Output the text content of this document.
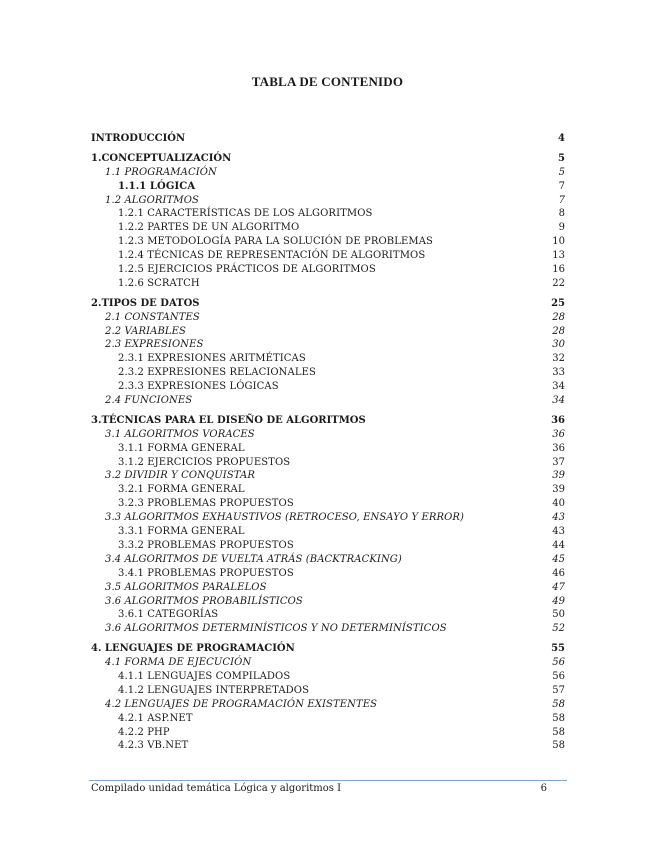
TABLA DE CONTENIDO
INTRODUCCIÓN	4
1.CONCEPTUALIZACIÓN	5
1.1 PROGRAMACIÓN	5
1.1.1 LÓGICA	7
1.2 ALGORITMOS	7
1.2.1 CARACTERÍSTICAS DE LOS ALGORITMOS	8
1.2.2 PARTES DE UN ALGORITMO	9
1.2.3 METODOLOGÍA PARA LA SOLUCIÓN DE PROBLEMAS	10
1.2.4 TÉCNICAS DE REPRESENTACIÓN DE ALGORITMOS	13
1.2.5 EJERCICIOS PRÁCTICOS DE ALGORITMOS	16
1.2.6 SCRATCH	22
2.TIPOS DE DATOS	25
2.1 CONSTANTES	28
2.2 VARIABLES	28
2.3 EXPRESIONES	30
2.3.1 EXPRESIONES ARITMÉTICAS	32
2.3.2 EXPRESIONES RELACIONALES	33
2.3.3 EXPRESIONES LÓGICAS	34
2.4 FUNCIONES	34
3.TÉCNICAS PARA EL DISEÑO DE ALGORITMOS	36
3.1 ALGORITMOS VORACES	36
3.1.1 FORMA GENERAL	36
3.1.2 EJERCICIOS PROPUESTOS	37
3.2 DIVIDIR Y CONQUISTAR	39
3.2.1 FORMA GENERAL	39
3.2.3 PROBLEMAS PROPUESTOS	40
3.3 ALGORITMOS EXHAUSTIVOS (RETROCESO, ENSAYO Y ERROR)	43
3.3.1 FORMA GENERAL	43
3.3.2 PROBLEMAS PROPUESTOS	44
3.4 ALGORITMOS DE VUELTA ATRÁS (BACKTRACKING)	45
3.4.1 PROBLEMAS PROPUESTOS	46
3.5 ALGORITMOS PARALELOS	47
3.6 ALGORITMOS PROBABILÍSTICOS	49
3.6.1 CATEGORÍAS	50
3.6 ALGORITMOS DETERMINÍSTICOS Y NO DETERMINÍSTICOS	52
4. LENGUAJES DE PROGRAMACIÓN	55
4.1 FORMA DE EJECUCIÓN	56
4.1.1 LENGUAJES COMPILADOS	56
4.1.2 LENGUAJES INTERPRETADOS	57
4.2 LENGUAJES DE PROGRAMACIÓN EXISTENTES	58
4.2.1 ASP.NET	58
4.2.2 PHP	58
4.2.3 VB.NET	58
Compilado unidad temática Lógica y algoritmos I	6
